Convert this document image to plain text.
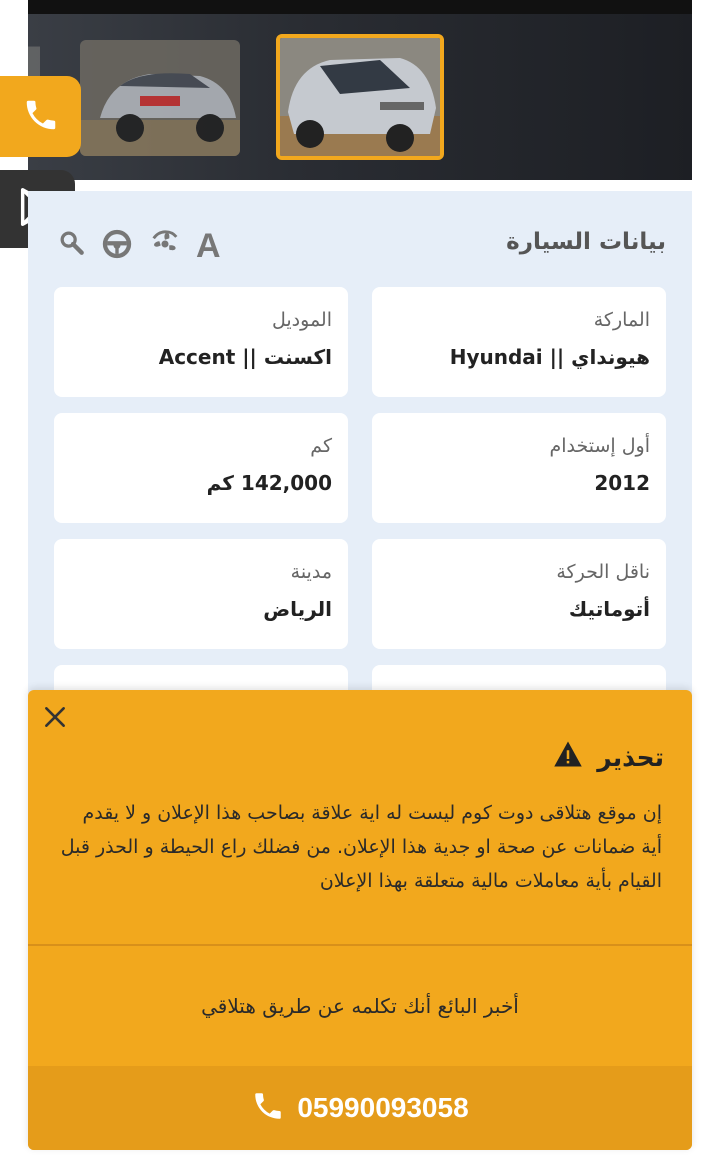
بيانات السيارة
A
الماركة
هيونداي || Hyundai
الموديل
اكسنت || Accent
أول إستخدام
2012
كم
142,000 كم
ناقل الحركة
أتوماتيك
مدينة
الرياض
تحذير
إن موقع هتلاقى دوت كوم ليست له اية علاقة بصاحب هذا الإعلان و لا يقدم أية ضمانات عن صحة او جدية هذا الإعلان. من فضلك راع الحيطة و الحذر قبل القيام بأية معاملات مالية متعلقة بهذا الإعلان
أخبر البائع أنك تكلمه عن طريق هتلاقي
05990093058
